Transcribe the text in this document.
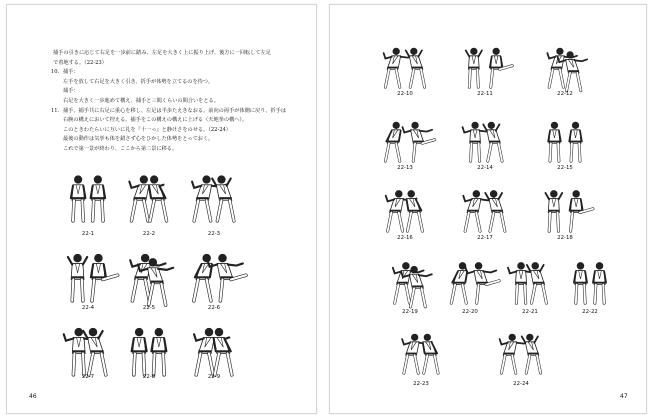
捕手の引きに応じて右足を一歩前に踏み、左足を大きく上に振り上げ、後方に一回転して左足
で着地する。（22-23）
10. 捕手：
左手を放して右足を大きく引き、折手が体勢を立てるのを待つ。
捕手：
右足を大きく一歩進めて構え、捕手と三間くらいの間合いをとる。
11. 捕手、捕手共に右足に重心を移し、左足は半歩たえきなおる。前向の両手が体側に戻り、折手は
右腕の構えにおいて控える。捕手をこの構えの構えに上げる（天地拳の構へ）。
このときわたらいに互いに礼を『十一っ』と静けさをのせる。（22-24）
最後の動作は気挙も体を錯さず心をひかした体勢をとっておく。
これで第一景が終わり、ここから第二景に移る。
46
22-1	22-2	22-3
22-4	22-5	22-6
22-7	22-8	22-9
47
22-10	22-11	22-12
22-13	22-14	22-15
22-16	22-17	22-18
22-19	22-20	22-21	22-22
22-23	22-24
